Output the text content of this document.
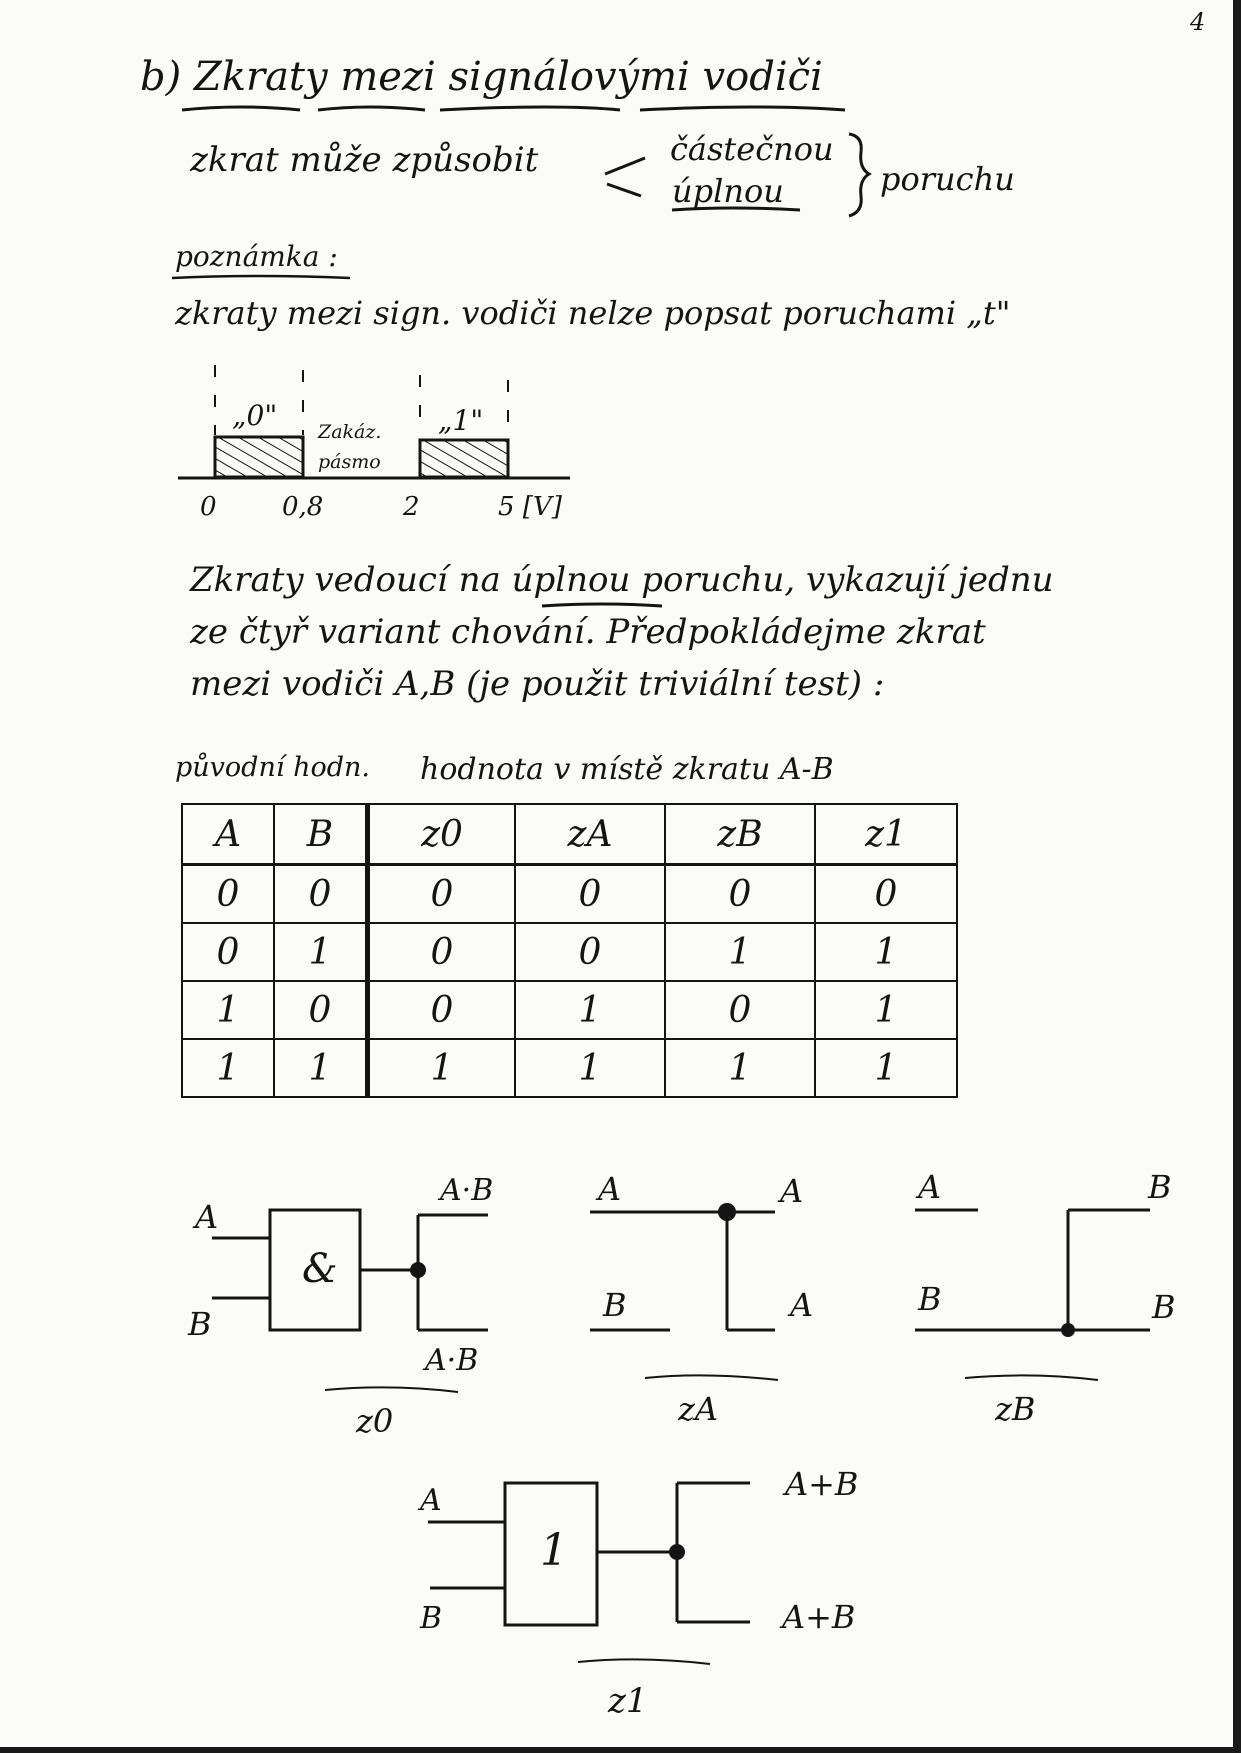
4
b) Zkraty mezi signálovými vodiči
zkrat může způsobit	částečnou
úplnou	poruchu
poznámka :
zkraty mezi sign. vodiči nelze popsat poruchami „t"
„0"	„1"
Zakáz.
pásmo
0	0,8	2	5 [V]
Zkraty vedoucí na úplnou poruchu, vykazují jednu
ze čtyř variant chování. Předpokládejme zkrat
mezi vodiči A,B (je použit triviální test) :
původní hodn. hodnota v místě zkratu A-B
A	B	z0	zA	zB	z1
0	0	0	0	0	0
0	1	0	0	1	1
1	0	0	1	0	1
1	1	1	1	1	1
A
B
&
A·B
A·B
z0
A
B
A
A
zA
A
B
B
B
zB
A
B
1
A+B
A+B
z1
